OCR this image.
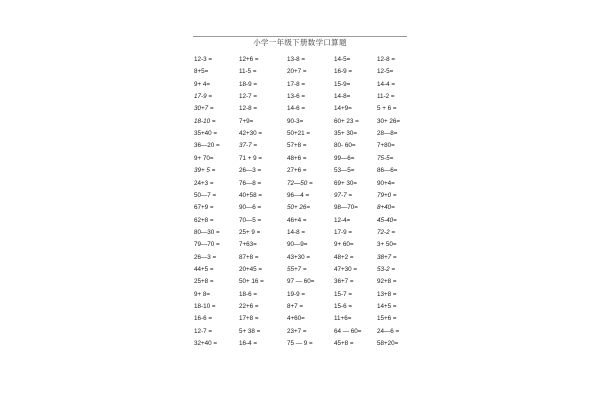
小学一年级下册数学口算题
12-3 =	12+6 =	13-8 =	14-5=	12-8 =
8+5=	11-5 =	20+7 =	16-9 =	12-5=
9+ 4=	18-9 =	17-8 =	15-9=	14-4 =
17-9 =	12-7 =	13-6 =	14-8=	11-2 =
30+7 =	12-8 =	14-6 =	14+9=	5 + 6 =
18-10 =	7+9=	90-3=	60+ 23 =	30+ 26=
35+40 =	42+30 =	50+21 =	35+ 30=	28—8=
36—20 =	37-7 =	57+8 =	80- 60=	7+80=
9+ 70=	71 + 9 =	48+6 =	99—6=	75-5=
39+ 5 =	26—3 =	27+6 =	53—5=	86—6=
24+3 =	76—8 =	72—50 =	69+ 30=	90+4=
50—7 =	40+58 =	96—4 =	97-7 =	79+0 =
67+9 =	90—6 =	50+ 26=	98—70=	8+40=
62+8 =	70—5 =	46+4 =	12-4=	45-40=
80—30 =	25+ 9 =	14-8 =	17-9 =	72-2 =
79—70 =	7+63=	90—9=	9+ 60=	3+ 50=
26—3 =	87+8 =	43+30 =	48+2 =	38+7 =
44+5 =	20+45 =	55+7 =	47+30 =	53-2 =
25+8 =	50+ 16 =	97 — 60=	36+7 =	92+8 =
9+ 8=	18-6 =	19-9 =	15-7 =	13+8 =
18-10 =	22+6 =	8+7 =	15-6 =	14+5 =
16-6 =	17+8 =	4+60=	11+6=	15+6 =
12-7 =	5+ 38 =	23+7 =	64 — 60= 24—6 =
32+40 =	16-4 =	75 — 9 =	45+8 =	58+20=
